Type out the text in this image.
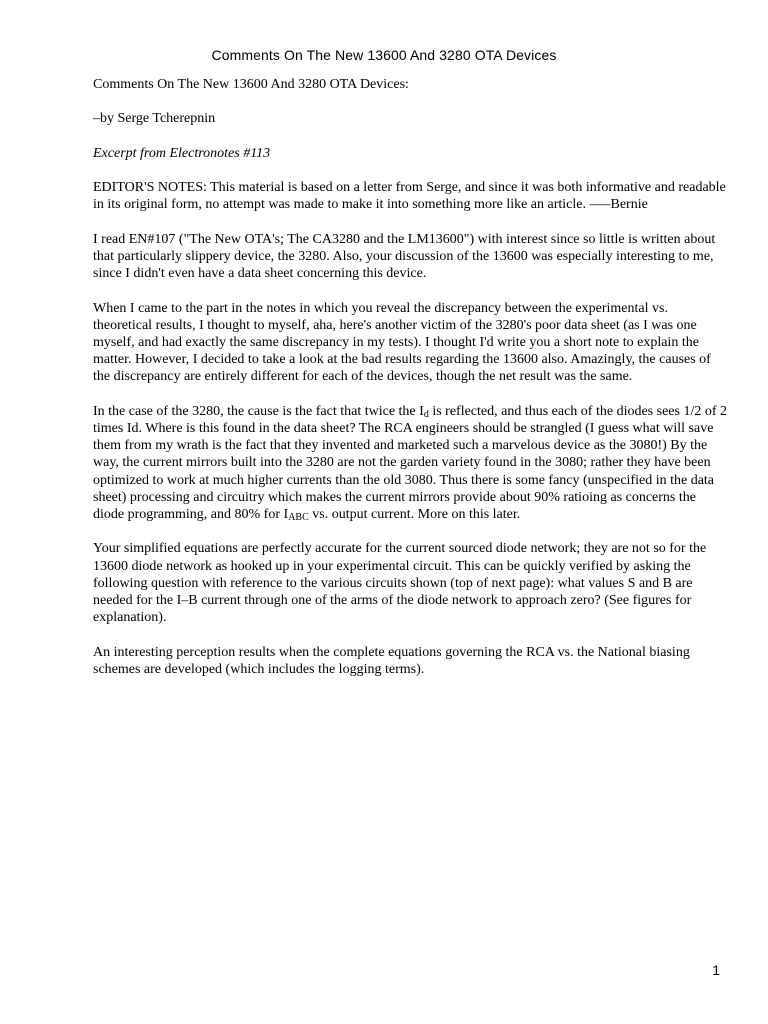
Comments On The New 13600 And 3280 OTA Devices

Comments On The New 13600 And 3280 OTA Devices:

–by Serge Tcherepnin

Excerpt from Electronotes #113

EDITOR'S NOTES: This material is based on a letter from Serge, and since it was both informative and readable in its original form, no attempt was made to make it into something more like an article. –––Bernie

I read EN#107 ("The New OTA's; The CA3280 and the LM13600") with interest since so little is written about that particularly slippery device, the 3280. Also, your discussion of the 13600 was especially interesting to me, since I didn't even have a data sheet concerning this device.

When I came to the part in the notes in which you reveal the discrepancy between the experimental vs. theoretical results, I thought to myself, aha, here's another victim of the 3280's poor data sheet (as I was one myself, and had exactly the same discrepancy in my tests). I thought I'd write you a short note to explain the matter. However, I decided to take a look at the bad results regarding the 13600 also. Amazingly, the causes of the discrepancy are entirely different for each of the devices, though the net result was the same.

In the case of the 3280, the cause is the fact that twice the $I_d$ is reflected, and thus each of the diodes sees 1/2 of 2 times Id. Where is this found in the data sheet? The RCA engineers should be strangled (I guess what will save them from my wrath is the fact that they invented and marketed such a marvelous device as the 3080!) By the way, the current mirrors built into the 3280 are not the garden variety found in the 3080; rather they have been optimized to work at much higher currents than the old 3080. Thus there is some fancy (unspecified in the data sheet) processing and circuitry which makes the current mirrors provide about 90% ratioing as concerns the diode programming, and 80% for $I_{ABC}$ vs. output current. More on this later.

Your simplified equations are perfectly accurate for the current sourced diode network; they are not so for the 13600 diode network as hooked up in your experimental circuit. This can be quickly verified by asking the following question with reference to the various circuits shown (top of next page): what values S and B are needed for the I–B current through one of the arms of the diode network to approach zero? (See figures for explanation).

An interesting perception results when the complete equations governing the RCA vs. the National biasing schemes are developed (which includes the logging terms).

1
